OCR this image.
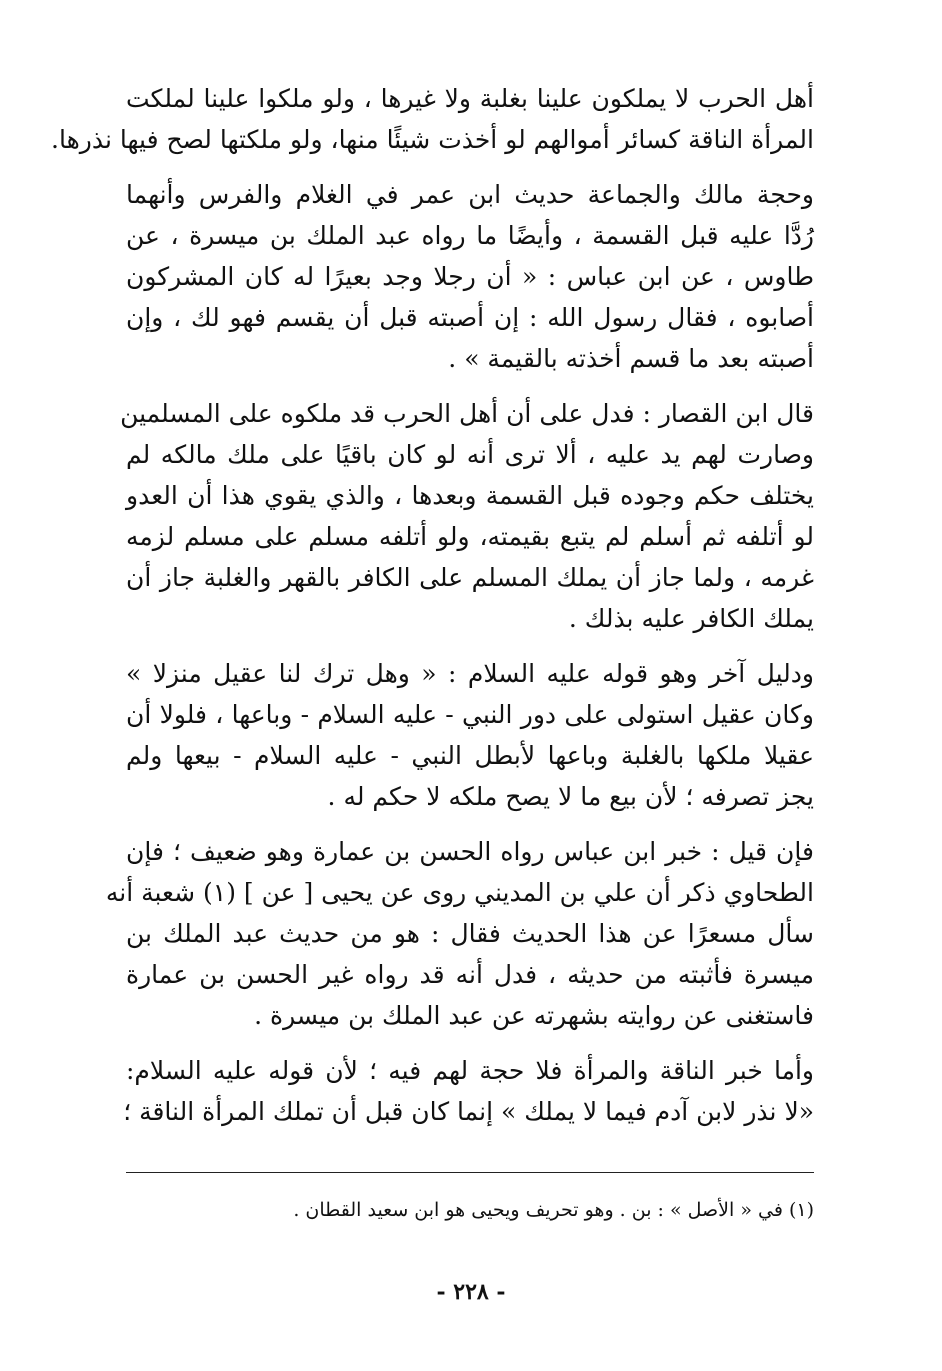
أهل الحرب لا يملكون علينا بغلبة ولا غيرها ، ولو ملكوا علينا لملكت
المرأة الناقة كسائر أموالهم لو أخذت شيئًا منها، ولو ملكتها لصح فيها نذرها.
وحجة مالك والجماعة حديث ابن عمر في الغلام والفرس وأنهما
رُدَّا عليه قبل القسمة ، وأيضًا ما رواه عبد الملك بن ميسرة ، عن
طاوس ، عن ابن عباس : « أن رجلا وجد بعيرًا له كان المشركون
أصابوه ، فقال رسول الله : إن أصبته قبل أن يقسم فهو لك ، وإن
أصبته بعد ما قسم أخذته بالقيمة » .
قال ابن القصار : فدل على أن أهل الحرب قد ملكوه على المسلمين
وصارت لهم يد عليه ، ألا ترى أنه لو كان باقيًا على ملك مالكه لم
يختلف حكم وجوده قبل القسمة وبعدها ، والذي يقوي هذا أن العدو
لو أتلفه ثم أسلم لم يتبع بقيمته، ولو أتلفه مسلم على مسلم لزمه
غرمه ، ولما جاز أن يملك المسلم على الكافر بالقهر والغلبة جاز أن
يملك الكافر عليه بذلك .
ودليل آخر وهو قوله عليه السلام : « وهل ترك لنا عقيل منزلا »
وكان عقيل استولى على دور النبي - عليه السلام - وباعها ، فلولا أن
عقيلا ملكها بالغلبة وباعها لأبطل النبي - عليه السلام - بيعها ولم
يجز تصرفه ؛ لأن بيع ما لا يصح ملكه لا حكم له .
فإن قيل : خبر ابن عباس رواه الحسن بن عمارة وهو ضعيف ؛ فإن
الطحاوي ذكر أن علي بن المديني روى عن يحيى [ عن ] (١) شعبة أنه
سأل مسعرًا عن هذا الحديث فقال : هو من حديث عبد الملك بن
ميسرة فأثبته من حديثه ، فدل أنه قد رواه غير الحسن بن عمارة
فاستغنى عن روايته بشهرته عن عبد الملك بن ميسرة .
وأما خبر الناقة والمرأة فلا حجة لهم فيه ؛ لأن قوله عليه السلام:
«لا نذر لابن آدم فيما لا يملك » إنما كان قبل أن تملك المرأة الناقة ؛
(١) في « الأصل » : بن . وهو تحريف ويحيى هو ابن سعيد القطان .
- ٢٢٨ -
